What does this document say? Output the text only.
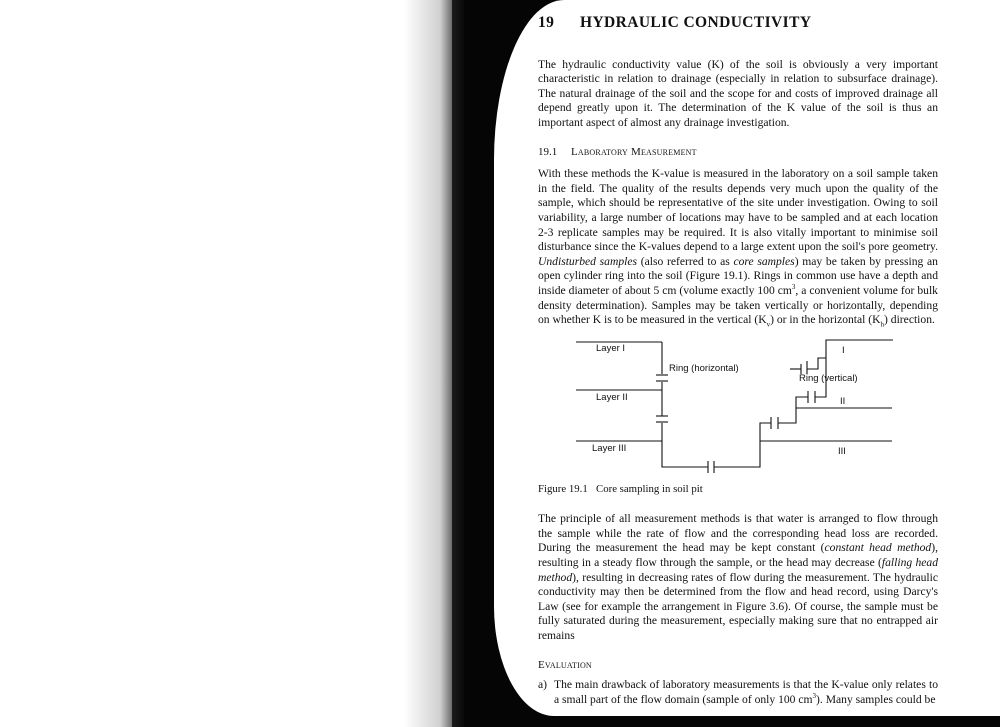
19 HYDRAULIC CONDUCTIVITY

The hydraulic conductivity value (K) of the soil is obviously a very important characteristic in relation to drainage (especially in relation to subsurface drainage). The natural drainage of the soil and the scope for and costs of improved drainage all depend greatly upon it. The determination of the K value of the soil is thus an important aspect of almost any drainage investigation.

19.1 Laboratory Measurement

With these methods the K-value is measured in the laboratory on a soil sample taken in the field. The quality of the results depends very much upon the quality of the sample, which should be representative of the site under investigation. Owing to soil variability, a large number of locations may have to be sampled and at each location 2-3 replicate samples may be required. It is also vitally important to minimise soil disturbance since the K-values depend to a large extent upon the soil's pore geometry. Undisturbed samples (also referred to as core samples) may be taken by pressing an open cylinder ring into the soil (Figure 19.1). Rings in common use have a depth and inside diameter of about 5 cm (volume exactly 100 $cm^3$, a convenient volume for bulk density determination). Samples may be taken vertically or horizontally, depending on whether K is to be measured in the vertical $(K_v)$ or in the horizontal $(K_h)$ direction.

Layer I
Layer II
Layer III
Ring (horizontal)
Ring (vertical)
I
II
III
Figure 19.1 Core sampling in soil pit

The principle of all measurement methods is that water is arranged to flow through the sample while the rate of flow and the corresponding head loss are recorded. During the measurement the head may be kept constant (constant head method), resulting in a steady flow through the sample, or the head may decrease (falling head method), resulting in decreasing rates of flow during the measurement. The hydraulic conductivity may then be determined from the flow and head record, using Darcy's Law (see for example the arrangement in Figure 3.6). Of course, the sample must be fully saturated during the measurement, especially making sure that no entrapped air remains

Evaluation
a) The main drawback of laboratory measurements is that the K-value only relates to a small part of the flow domain (sample of only 100 $cm^3$). Many samples could be
